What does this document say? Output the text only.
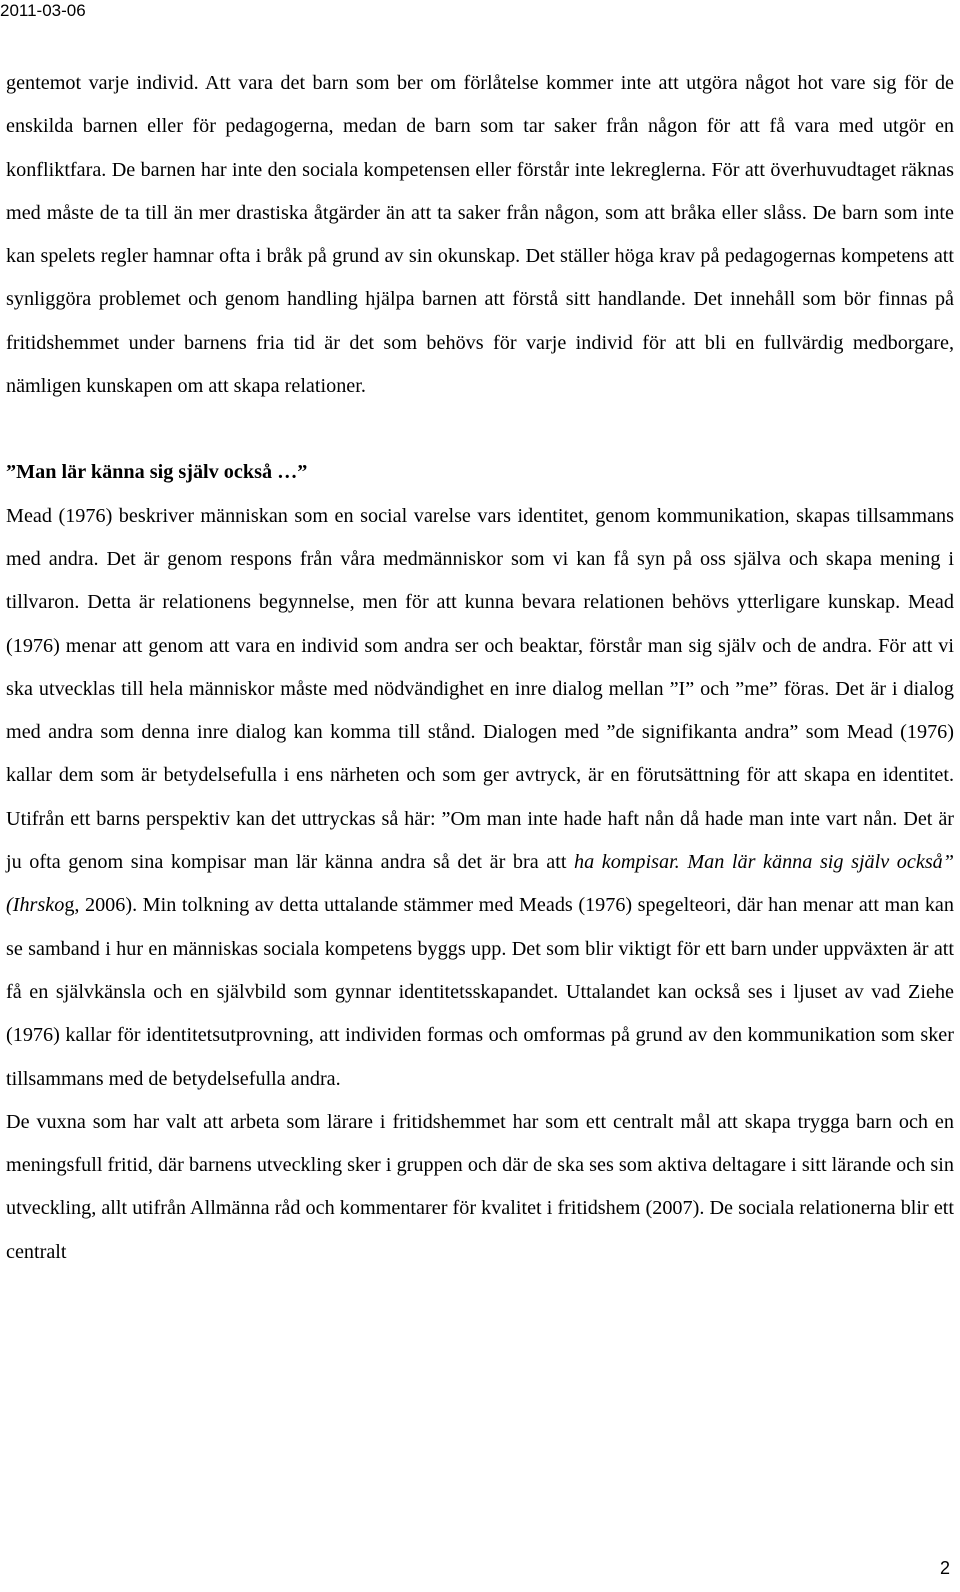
2011-03-06

gentemot varje individ. Att vara det barn som ber om förlåtelse kommer inte att utgöra något hot vare sig för de enskilda barnen eller för pedagogerna, medan de barn som tar saker från någon för att få vara med utgör en konfliktfara. De barnen har inte den sociala kompetensen eller förstår inte lekreglerna. För att överhuvudtaget räknas med måste de ta till än mer drastiska åtgärder än att ta saker från någon, som att bråka eller slåss. De barn som inte kan spelets regler hamnar ofta i bråk på grund av sin okunskap. Det ställer höga krav på pedagogernas kompetens att synliggöra problemet och genom handling hjälpa barnen att förstå sitt handlande. Det innehåll som bör finnas på fritidshemmet under barnens fria tid är det som behövs för varje individ för att bli en fullvärdig medborgare, nämligen kunskapen om att skapa relationer.

”Man lär känna sig själv också …”

Mead (1976) beskriver människan som en social varelse vars identitet, genom kommunikation, skapas tillsammans med andra. Det är genom respons från våra medmänniskor som vi kan få syn på oss själva och skapa mening i tillvaron. Detta är relationens begynnelse, men för att kunna bevara relationen behövs ytterligare kunskap. Mead (1976) menar att genom att vara en individ som andra ser och beaktar, förstår man sig själv och de andra. För att vi ska utvecklas till hela människor måste med nödvändighet en inre dialog mellan ”I” och ”me” föras. Det är i dialog med andra som denna inre dialog kan komma till stånd. Dialogen med ”de signifikanta andra” som Mead (1976) kallar dem som är betydelsefulla i ens närheten och som ger avtryck, är en förutsättning för att skapa en identitet. Utifrån ett barns perspektiv kan det uttryckas så här: ”Om man inte hade haft nån då hade man inte vart nån. Det är ju ofta genom sina kompisar man lär känna andra så det är bra att ha kompisar. Man lär känna sig själv också” (Ihrskog, 2006). Min tolkning av detta uttalande stämmer med Meads (1976) spegelteori, där han menar att man kan se samband i hur en människas sociala kompetens byggs upp. Det som blir viktigt för ett barn under uppväxten är att få en självkänsla och en självbild som gynnar identitetsskapandet. Uttalandet kan också ses i ljuset av vad Ziehe (1976) kallar för identitetsutprovning, att individen formas och omformas på grund av den kommunikation som sker tillsammans med de betydelsefulla andra.

De vuxna som har valt att arbeta som lärare i fritidshemmet har som ett centralt mål att skapa trygga barn och en meningsfull fritid, där barnens utveckling sker i gruppen och där de ska ses som aktiva deltagare i sitt lärande och sin utveckling, allt utifrån Allmänna råd och kommentarer för kvalitet i fritidshem (2007). De sociala relationerna blir ett centralt

2
